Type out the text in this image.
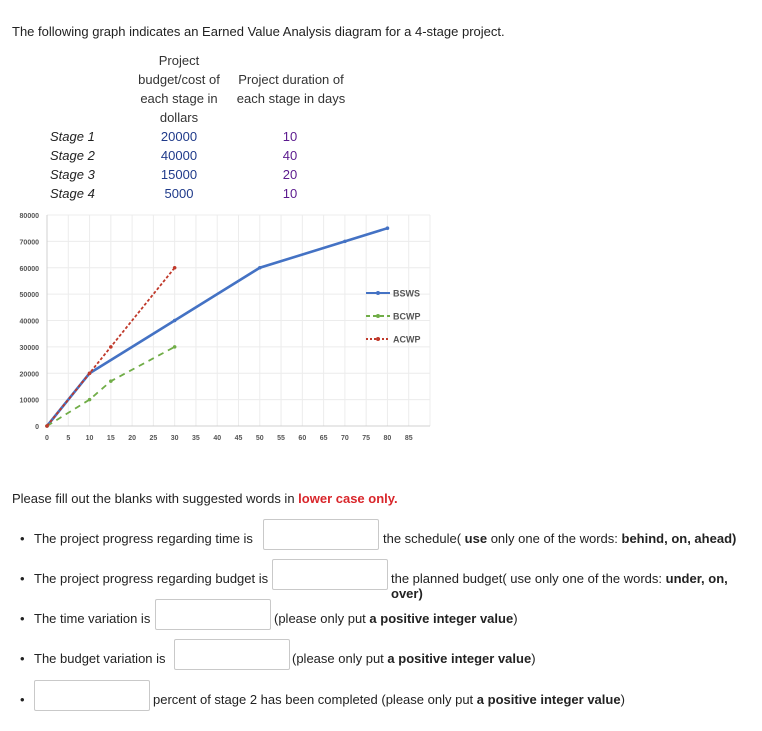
The following graph indicates an Earned Value Analysis diagram for a 4-stage project.
Project
budget/cost of
each stage in
dollars
Project duration of
each stage in days
Stage 1	20000	10
Stage 2	40000	40
Stage 3	15000	20
Stage 4	5000	10
0
10000
20000
30000
40000
50000
60000
70000
80000
0 5 10 15 20 25 30 35 40 45 50 55 60 65 70 75 80 85
BSWS
BCWP
ACWP
Please fill out the blanks with suggested words in lower case only.
• The project progress regarding time is	the schedule( use only one of the words: behind, on, ahead)
• The project progress regarding budget is	the planned budget( use only one of the words: under, on, over)
• The time variation is	(please only put a positive integer value)
• The budget variation is	(please only put a positive integer value)
•	percent of stage 2 has been completed (please only put a positive integer value)
